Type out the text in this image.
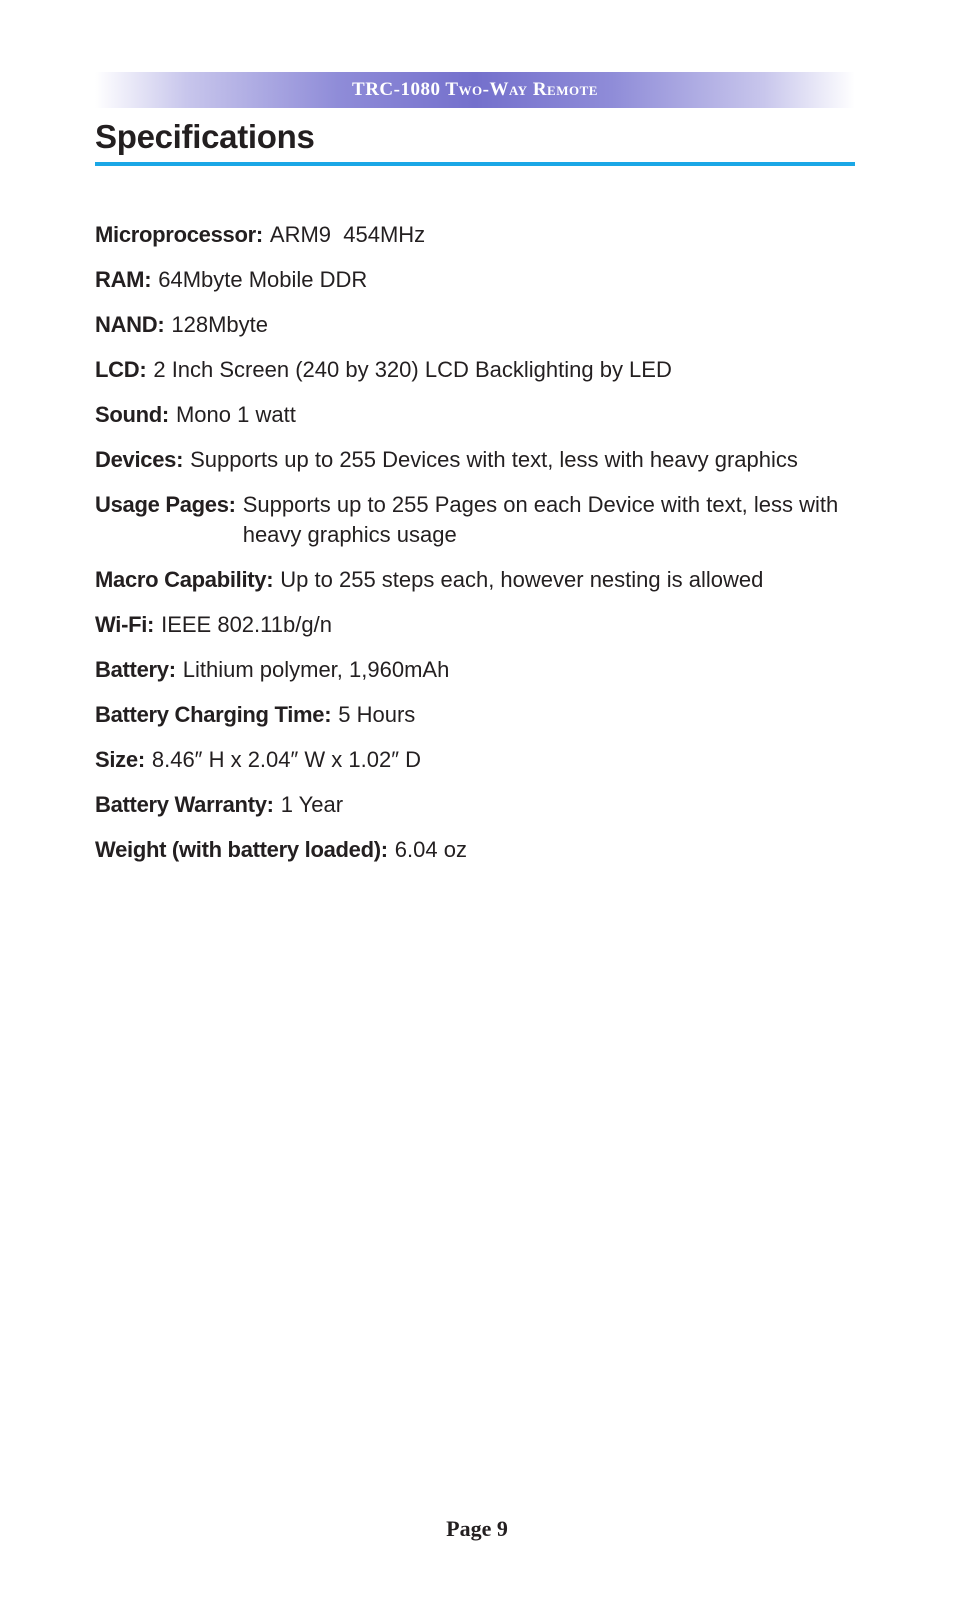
TRC-1080 Two-Way Remote
Specifications
Microprocessor: ARM9  454MHz
RAM: 64Mbyte Mobile DDR
NAND: 128Mbyte
LCD: 2 Inch Screen (240 by 320) LCD Backlighting by LED
Sound: Mono 1 watt
Devices: Supports up to 255 Devices with text, less with heavy graphics
Usage Pages: Supports up to 255 Pages on each Device with text, less with heavy graphics usage
Macro Capability: Up to 255 steps each, however nesting is allowed
Wi-Fi: IEEE 802.11b/g/n
Battery: Lithium polymer, 1,960mAh
Battery Charging Time: 5 Hours
Size: 8.46″ H x 2.04″ W x 1.02″ D
Battery Warranty: 1 Year
Weight (with battery loaded): 6.04 oz
Page 9
